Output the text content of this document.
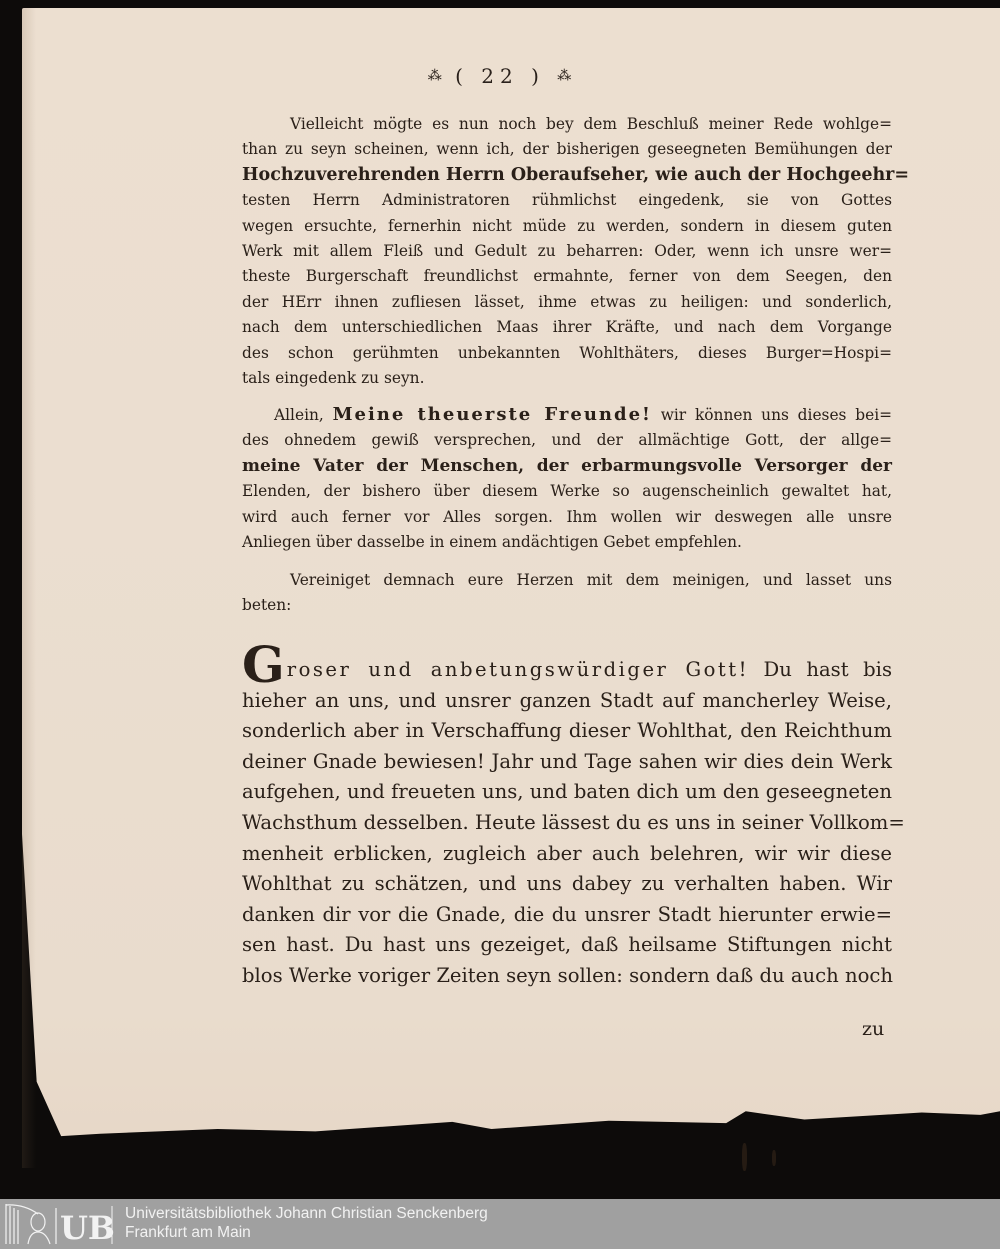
⁂ ( 22 ) ⁂
Vielleicht mögte es nun noch bey dem Beschluß meiner Rede wohlge=
than zu seyn scheinen, wenn ich, der bisherigen geseegneten Bemühungen der
Hochzuverehrenden Herrn Oberaufseher, wie auch der Hochgeehr=
testen Herrn Administratoren rühmlichst eingedenk, sie von Gottes
wegen ersuchte, fernerhin nicht müde zu werden, sondern in diesem guten
Werk mit allem Fleiß und Gedult zu beharren: Oder, wenn ich unsre wer=
theste Burgerschaft freundlichst ermahnte, ferner von dem Seegen, den
der HErr ihnen zufliesen lässet, ihme etwas zu heiligen: und sonderlich,
nach dem unterschiedlichen Maas ihrer Kräfte, und nach dem Vorgange
des schon gerühmten unbekannten Wohlthäters, dieses Burger=Hospi=
tals eingedenk zu seyn.
Allein, Meine theuerste Freunde! wir können uns dieses bei=
des ohnedem gewiß versprechen, und der allmächtige Gott, der allge=
meine Vater der Menschen, der erbarmungsvolle Versorger der
Elenden, der bishero über diesem Werke so augenscheinlich gewaltet hat,
wird auch ferner vor Alles sorgen. Ihm wollen wir deswegen alle unsre
Anliegen über dasselbe in einem andächtigen Gebet empfehlen.
Vereiniget demnach eure Herzen mit dem meinigen, und lasset uns
beten:
Groser und anbetungswürdiger Gott! Du hast bis
hieher an uns, und unsrer ganzen Stadt auf mancherley Weise,
sonderlich aber in Verschaffung dieser Wohlthat, den Reichthum
deiner Gnade bewiesen! Jahr und Tage sahen wir dies dein Werk
aufgehen, und freueten uns, und baten dich um den geseegneten
Wachsthum desselben. Heute lässest du es uns in seiner Vollkom=
menheit erblicken, zugleich aber auch belehren, wir wir diese
Wohlthat zu schätzen, und uns dabey zu verhalten haben. Wir
danken dir vor die Gnade, die du unsrer Stadt hierunter erwie=
sen hast. Du hast uns gezeiget, daß heilsame Stiftungen nicht
blos Werke voriger Zeiten seyn sollen: sondern daß du auch noch
zu
UB Universitätsbibliothek Johann Christian Senckenberg
Frankfurt am Main
